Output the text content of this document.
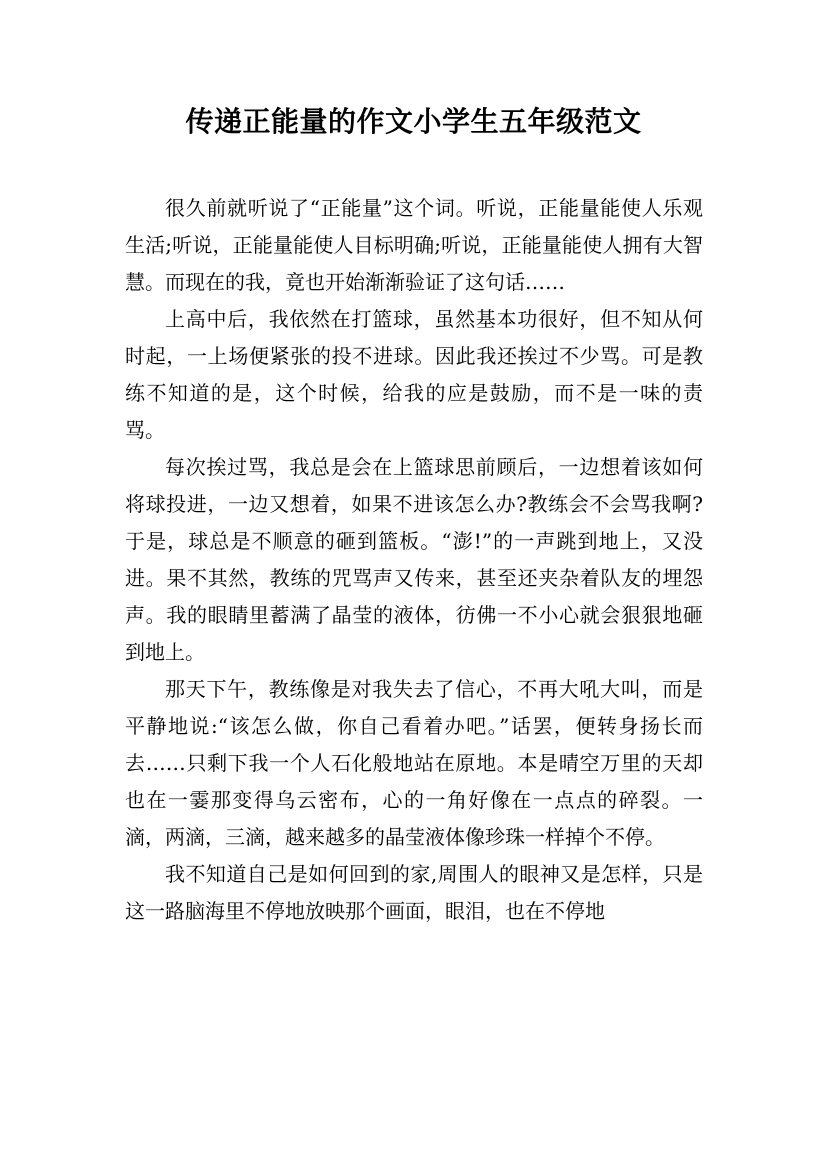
传递正能量的作文小学生五年级范文

很久前就听说了“正能量”这个词。听说，正能量能使人乐观生活;听说，正能量能使人目标明确;听说，正能量能使人拥有大智慧。而现在的我，竟也开始渐渐验证了这句话……

上高中后，我依然在打篮球，虽然基本功很好，但不知从何时起，一上场便紧张的投不进球。因此我还挨过不少骂。可是教练不知道的是，这个时候，给我的应是鼓励，而不是一味的责骂。

每次挨过骂，我总是会在上篮球思前顾后，一边想着该如何将球投进，一边又想着，如果不进该怎么办?教练会不会骂我啊?于是，球总是不顺意的砸到篮板。“澎!”的一声跳到地上，又没进。果不其然，教练的咒骂声又传来，甚至还夹杂着队友的埋怨声。我的眼睛里蓄满了晶莹的液体，彷佛一不小心就会狠狠地砸到地上。

那天下午，教练像是对我失去了信心，不再大吼大叫，而是平静地说:“该怎么做，你自己看着办吧。”话罢，便转身扬长而去……只剩下我一个人石化般地站在原地。本是晴空万里的天却也在一霎那变得乌云密布，心的一角好像在一点点的碎裂。一滴，两滴，三滴，越来越多的晶莹液体像珍珠一样掉个不停。

我不知道自己是如何回到的家,周围人的眼神又是怎样，只是这一路脑海里不停地放映那个画面，眼泪，也在不停地
